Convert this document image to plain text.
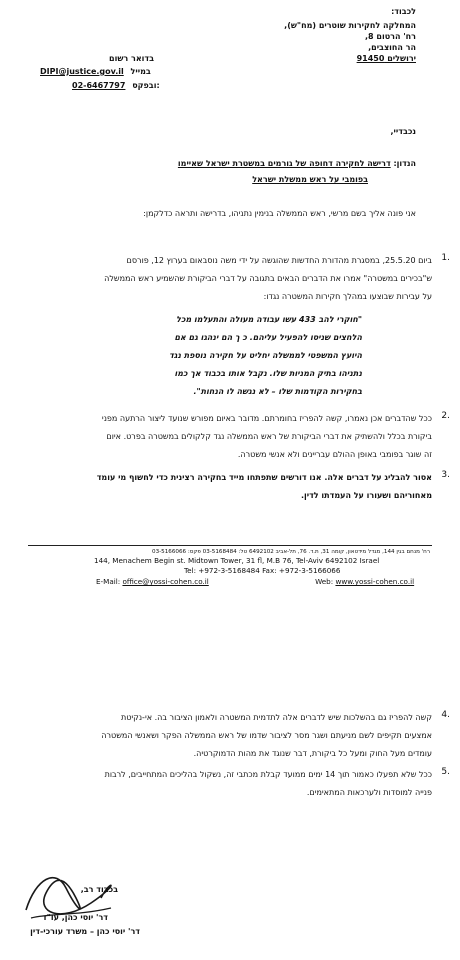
לכבוד:
המחלקה לחקירות שוטרים (מח"ש),
רח' הרטום 8,
הר החוצבים,
ירושלים 91450
בדואר רשום
DIPI@justice.gov.il במייל
02-6467797 ובפקס:
נכבדיי,
הנדון: דרישה לחקירה דחופה של גורמים במשטרת ישראל שאיימו
בפומבי על ראש ממשלת ישראל
אני פונה אליך בשם מרשי, ראש הממשלה בנימין נתניהו, בדרישה ותראה כדלקמן:
1.
ביום 25.5.20, במסגרת מהדורת החדשות שהוגשה על ידי משה נוסבאום בערוץ 12, פורסם
ש"בכירים במשטרה" אמרו את הדברים הבאים בתגובה על דברי הביקורת שהשמיע ראש הממשלה
על עבירות שבוצעו במהלך חקירות המשטרה נגדו:
"חוקרי להב 433 עשו עבודה מעולה והתעלמו מכל
הלחצים שניסו להפעיל עליהם. כ ך הם ינהגו גם אם
היועץ המשפטי לממשלה יחליט על חקירה נוספת נגד
נתניהו בתיק המניות שלו. נקבל אותו בכבוד אך כמו
בחקירות הקודמות שלו – לא נגשה לו הנחות".
2.
ככל שהדברים אכן נאמרו, קשה להפריז בחומרתם. מדובר באיום מפורש שנועד ליצור הרתעה מפני
ביקורת בכלל ולהשתיק את דברי הביקורת של ראש הממשלה נגד קלקולים במשטרה בפרט. איום
זה שוגר בפומבי באופן ההולם עבריינים ולא אנשי משטרה.
3.
אסור להבליג על דברים אלה. אנו דורשים שתפתחו מייד בחקירה רצינית כדי לחשוף מי עומד
מאחוריהם ושעורו על העמדתו לדין.
רח' מנחם בגין 144, מגדל מידטאון, קומה 31, ת.ד. 76, תל-אביב 6492102 טל: 03-5168484 פקס: 03-5166066
144, Menachem Begin st. Midtown Tower, 31 fl, M.B 76, Tel-Aviv 6492102 Israel
Tel: +972-3-5168484 Fax: +972-3-5166066
E-Mail: office@yossi-cohen.co.il	Web: www.yossi-cohen.co.il
4.
קשה להפריז גם בהשלכות שיש לדברים אלה לתדמית המשטרה ולאמון הציבור בה. אי-נקיטת
אמצעים תקיפים לשם מניעתם ושגר מסר לציבור שדמו של ראש הממשלה הפקר ושאנשי המשטרה
עומדים מעל החוק ומעל כל ביקורת, דבר שנוגד את מהות הדמוקרטיה.
5.
ככל שלא תפעלו כאמור תוך 14 ימים ממועד קבלת מכתבי זה, נשקול בהליכים המתחייבים, לרבות
פנייה למוסדות ולערכאות המתאימים.
בכבוד רב,
דר' יוסי כהן, עו"ד
דר' יוסי כהן – משרד עורכי-דין
